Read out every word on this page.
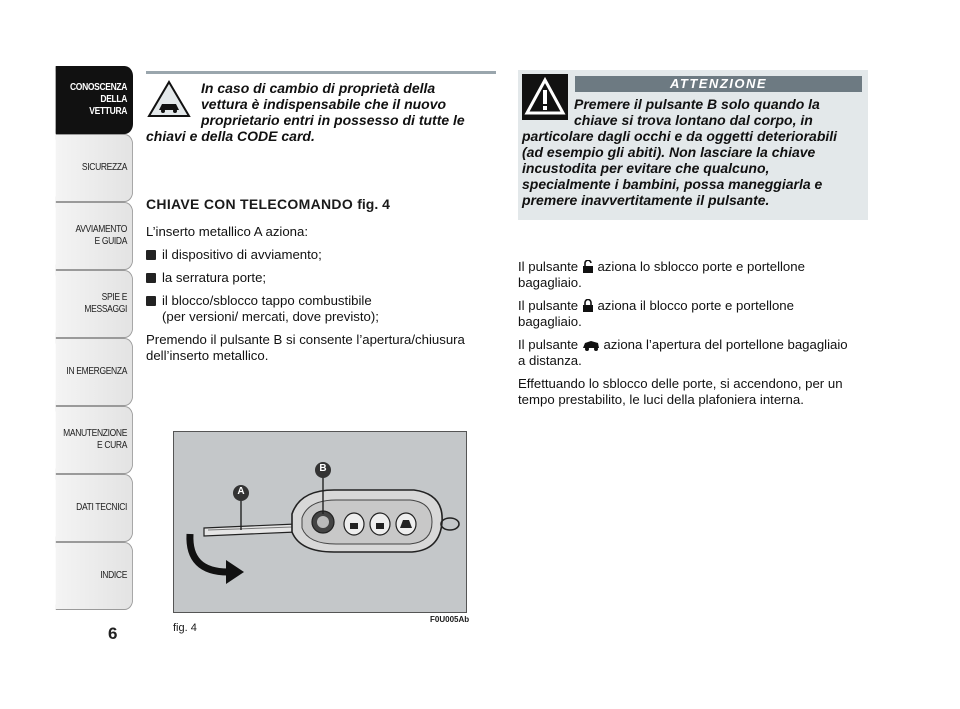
CONOSCENZA
DELLA
VETTURA
SICUREZZA
AVVIAMENTO
E GUIDA
SPIE E
MESSAGGI
IN EMERGENZA
MANUTENZIONE
E CURA
DATI TECNICI
INDICE
6
In caso di cambio di proprietà della
vettura è indispensabile che il nuovo
proprietario entri in possesso di tutte le
chiavi e della CODE card.
CHIAVE CON TELECOMANDO fig. 4
L’inserto metallico A aziona:
il dispositivo di avviamento;
la serratura porte;
il blocco/sblocco tappo combustibile
(per versioni/ mercati, dove previsto);
Premendo il pulsante B si consente l’apertura/chiusura
dell’inserto metallico.
ATTENZIONE
Premere il pulsante B solo quando la
chiave si trova lontano dal corpo, in
particolare dagli occhi e da oggetti deteriorabili
(ad esempio gli abiti). Non lasciare la chiave
incustodita per evitare che qualcuno,
specialmente i bambini, possa maneggiarla e
premere inavvertitamente il pulsante.
Il pulsante aziona lo sblocco porte e portellone
bagagliaio.
Il pulsante aziona il blocco porte e portellone
bagagliaio.
Il pulsante aziona l’apertura del portellone bagagliaio
a distanza.
Effettuando lo sblocco delle porte, si accendono, per un
tempo prestabilito, le luci della plafoniera interna.
B
A
fig. 4
F0U005Ab
